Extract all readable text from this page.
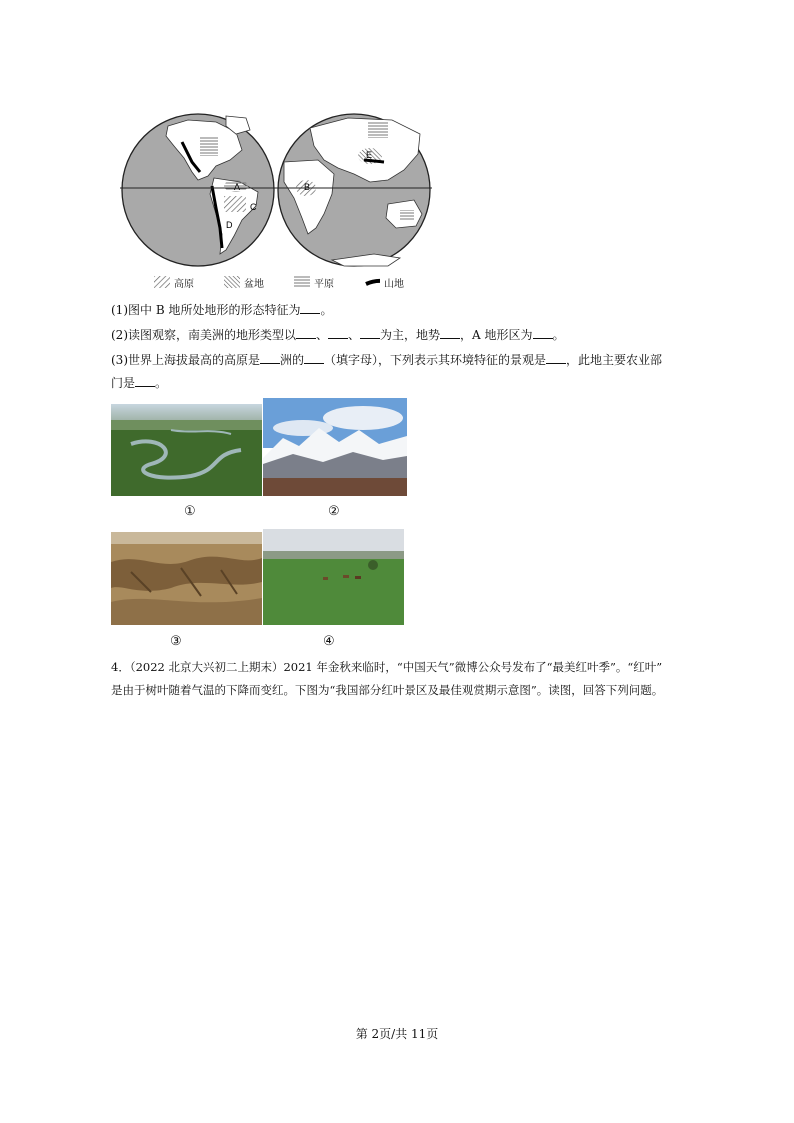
A
C
D
E
B
高原	盆地	平原	山地
(1)图中 B 地所处地形的形态特征为 。
(2)读图观察，南美洲的地形类型以 、 、 为主，地势 ，A 地形区为 。
(3)世界上海拔最高的高原是 洲的 （填字母），下列表示其环境特征的景观是 ，此地主要农业部
门是 。
①	②
③	④
4．（2022 北京大兴初二上期末）2021 年金秋来临时，“中国天气”微博公众号发布了“最美红叶季”。“红叶”
是由于树叶随着气温的下降而变红。下图为“我国部分红叶景区及最佳观赏期示意图”。读图，回答下列问题。
第 2页/共 11页
